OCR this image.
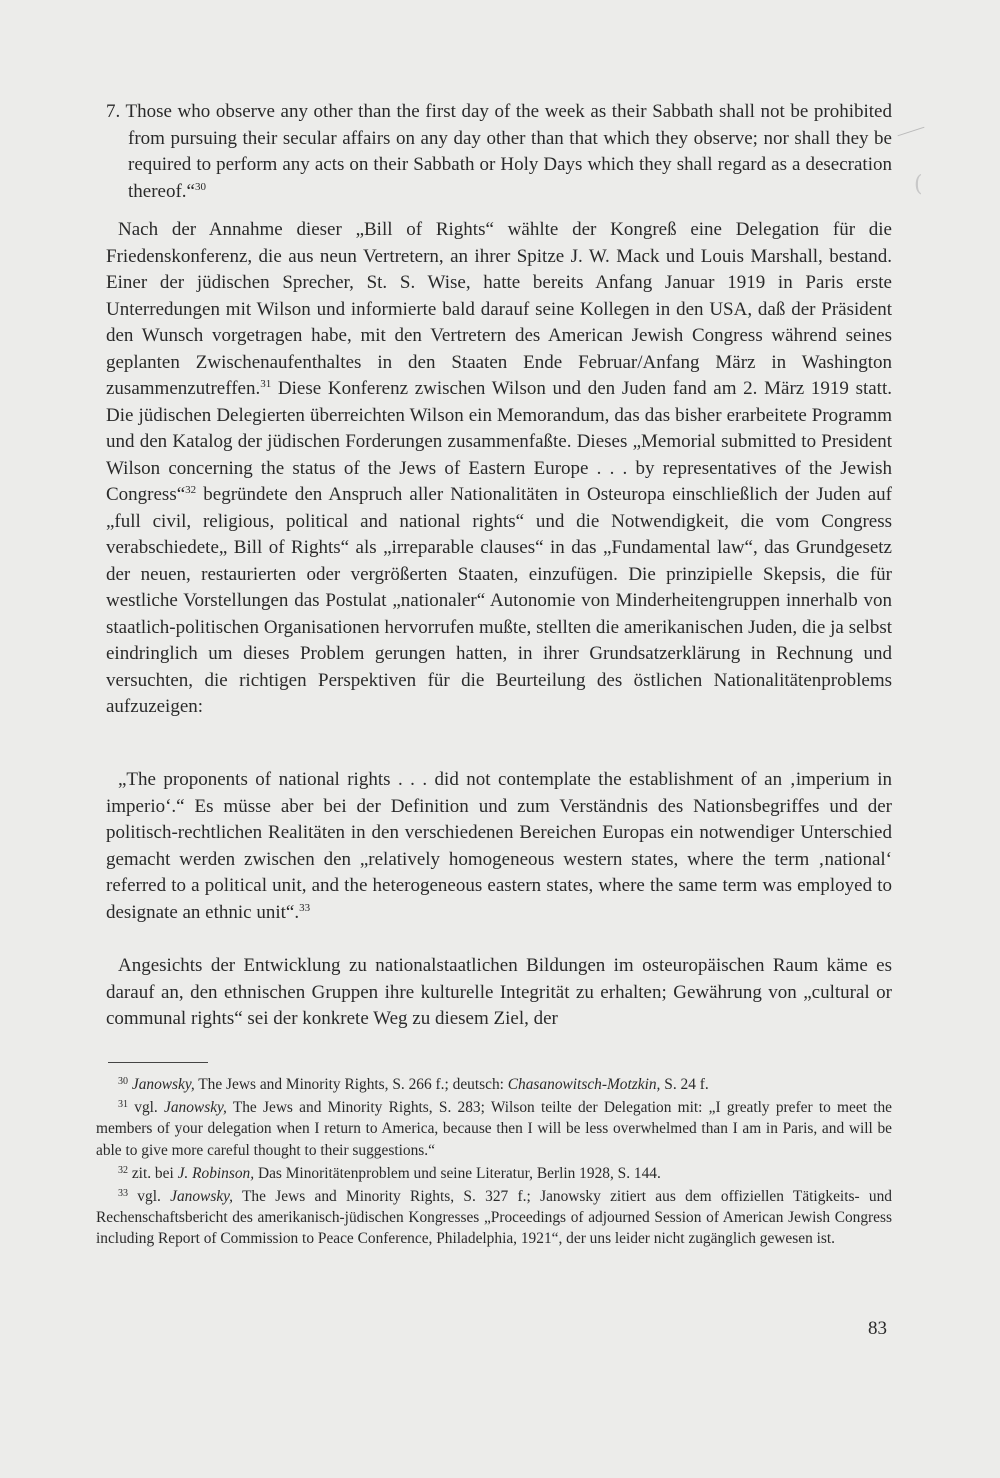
7. Those who observe any other than the first day of the week as their Sabbath shall not be prohibited from pursuing their secular affairs on any day other than that which they observe; nor shall they be required to perform any acts on their Sabbath or Holy Days which they shall regard as a desecration thereof.“$^{30}$

Nach der Annahme dieser „Bill of Rights“ wählte der Kongreß eine Delegation für die Friedenskonferenz, die aus neun Vertretern, an ihrer Spitze J. W. Mack und Louis Marshall, bestand. Einer der jüdischen Sprecher, St. S. Wise, hatte bereits Anfang Januar 1919 in Paris erste Unterredungen mit Wilson und informierte bald darauf seine Kollegen in den USA, daß der Präsident den Wunsch vorgetragen habe, mit den Vertretern des American Jewish Congress während seines geplanten Zwischenaufenthaltes in den Staaten Ende Februar/Anfang März in Washington zusammenzutreffen.$^{31}$ Diese Konferenz zwischen Wilson und den Juden fand am 2. März 1919 statt. Die jüdischen Delegierten überreichten Wilson ein Memorandum, das das bisher erarbeitete Programm und den Katalog der jüdischen Forderungen zusammenfaßte. Dieses „Memorial submitted to President Wilson concerning the status of the Jews of Eastern Europe . . . by representatives of the Jewish Congress“$^{32}$ begründete den Anspruch aller Nationalitäten in Osteuropa einschließlich der Juden auf „full civil, religious, political and national rights“ und die Notwendigkeit, die vom Congress verabschiedete„ Bill of Rights“ als „irreparable clauses“ in das „Fundamental law“, das Grundgesetz der neuen, restaurierten oder vergrößerten Staaten, einzufügen. Die prinzipielle Skepsis, die für westliche Vorstellungen das Postulat „nationaler“ Autonomie von Minderheitengruppen innerhalb von staatlich-politischen Organisationen hervorrufen mußte, stellten die amerikanischen Juden, die ja selbst eindringlich um dieses Problem gerungen hatten, in ihrer Grundsatzerklärung in Rechnung und versuchten, die richtigen Perspektiven für die Beurteilung des östlichen Nationalitätenproblems aufzuzeigen:

„The proponents of national rights . . . did not contemplate the establishment of an ‚imperium in imperio‘.“ Es müsse aber bei der Definition und zum Verständnis des Nationsbegriffes und der politisch-rechtlichen Realitäten in den verschiedenen Bereichen Europas ein notwendiger Unterschied gemacht werden zwischen den „relatively homogeneous western states, where the term ‚national‘ referred to a political unit, and the heterogeneous eastern states, where the same term was employed to designate an ethnic unit“.$^{33}$

Angesichts der Entwicklung zu nationalstaatlichen Bildungen im osteuropäischen Raum käme es darauf an, den ethnischen Gruppen ihre kulturelle Integrität zu erhalten; Gewährung von „cultural or communal rights“ sei der konkrete Weg zu diesem Ziel, der

$^{30}$ Janowsky, The Jews and Minority Rights, S. 266 f.; deutsch: Chasanowitsch-Motzkin, S. 24 f.

$^{31}$ vgl. Janowsky, The Jews and Minority Rights, S. 283; Wilson teilte der Delegation mit: „I greatly prefer to meet the members of your delegation when I return to America, because then I will be less overwhelmed than I am in Paris, and will be able to give more careful thought to their suggestions.“

$^{32}$ zit. bei J. Robinson, Das Minoritätenproblem und seine Literatur, Berlin 1928, S. 144.

$^{33}$ vgl. Janowsky, The Jews and Minority Rights, S. 327 f.; Janowsky zitiert aus dem offiziellen Tätigkeits- und Rechenschaftsbericht des amerikanisch-jüdischen Kongresses „Proceedings of adjourned Session of American Jewish Congress including Report of Commission to Peace Conference, Philadelphia, 1921“, der uns leider nicht zugänglich gewesen ist.

83
(
